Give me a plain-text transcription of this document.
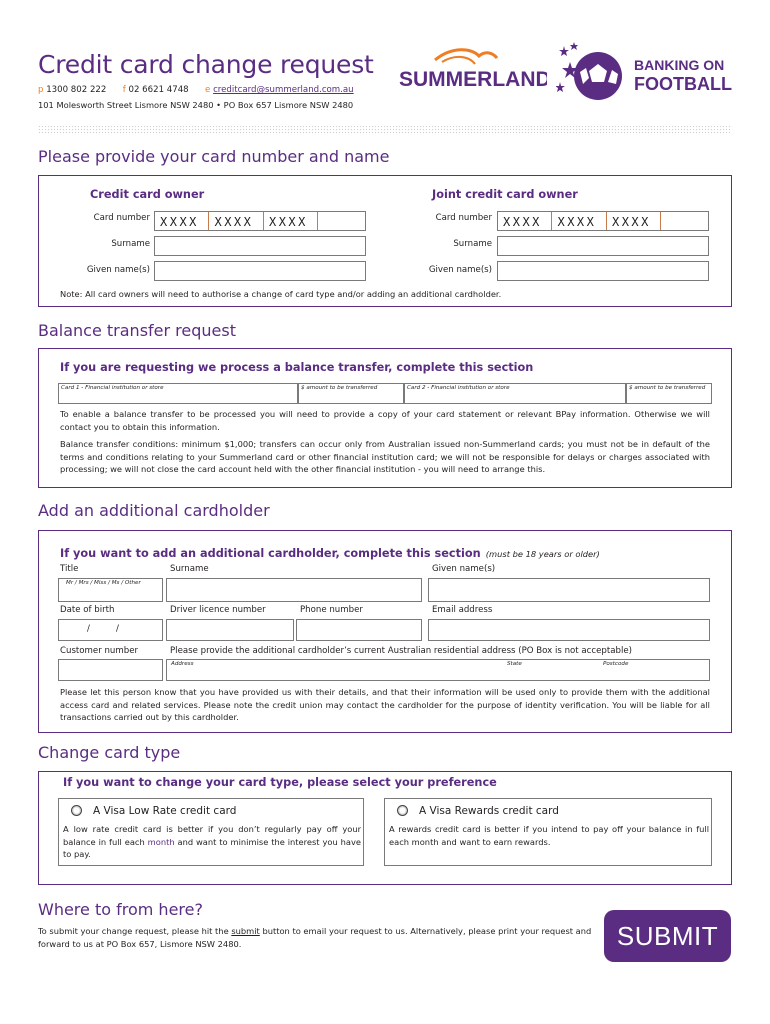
Credit card change request
p 1300 802 222 f 02 6621 4748 e creditcard@summerland.com.au
101 Molesworth Street Lismore NSW 2480 • PO Box 657 Lismore NSW 2480
SUMMERLAND
BANKING ON
FOOTBALL
Please provide your card number and name
Credit card owner	Joint credit card owner
Card number XXXX	XXXX	XXXX
Surname
Given name(s)
Card number XXXX	XXXX	XXXX
Surname
Given name(s)
Note: All card owners will need to authorise a change of card type and/or adding an additional cardholder.
Balance transfer request
If you are requesting we process a balance transfer, complete this section
Card 1 - Financial institution or store	$ amount to be transferred	Card 2 - Financial institution or store	$ amount to be transferred
To enable a balance transfer to be processed you will need to provide a copy of your card statement or relevant BPay information. Otherwise we will contact you to obtain this information.
Balance transfer conditions: minimum $1,000; transfers can occur only from Australian issued non-Summerland cards; you must not be in default of the terms and conditions relating to your Summerland card or other financial institution card; we will not be responsible for delays or charges associated with processing; we will not close the card account held with the other financial institution - you will need to arrange this.
Add an additional cardholder
If you want to add an additional cardholder, complete this section (must be 18 years or older)
Title	Surname	Given name(s)
Mr / Mrs / Miss / Ms / Other
Date of birth	Driver licence number	Phone number	Email address
/	/
Customer number	Please provide the additional cardholder’s current Australian residential address (PO Box is not acceptable)
Address	State	Postcode
Please let this person know that you have provided us with their details, and that their information will be used only to provide them with the additional access card and related services. Please note the credit union may contact the cardholder for the purpose of identity verification. You will be liable for all transactions carried out by this cardholder.
Change card type
If you want to change your card type, please select your preference
A Visa Low Rate credit card
A low rate credit card is better if you don’t regularly pay off your balance in full each month and want to minimise the interest you have to pay.
A Visa Rewards credit card
A rewards credit card is better if you intend to pay off your balance in full each month and want to earn rewards.
Where to from here?
To submit your change request, please hit the submit button to email your request to us. Alternatively, please print your request and forward to us at PO Box 657, Lismore NSW 2480.	SUBMIT
